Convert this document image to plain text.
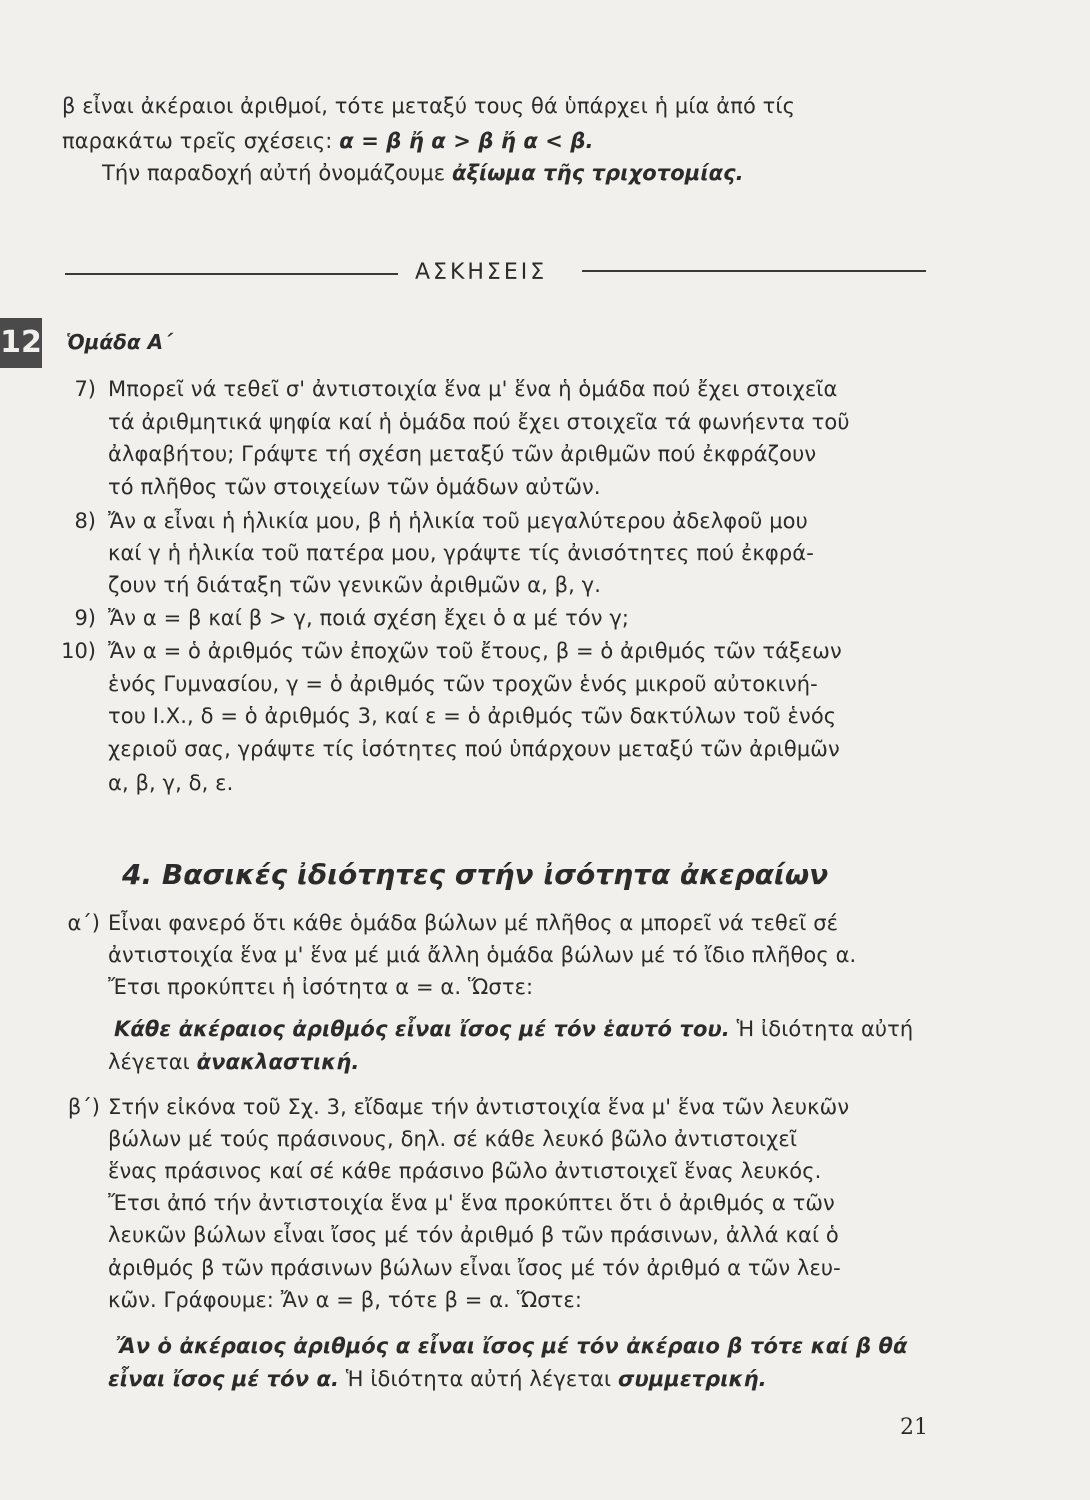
β εἶναι ἀκέραιοι ἀριθμοί, τότε μεταξύ τους θά ὑπάρχει ἡ μία ἀπό τίς
παρακάτω τρεῖς σχέσεις: α = β ἤ α > β ἤ α < β.
Τήν παραδοχή αὐτή ὀνομάζουμε ἀξίωμα τῆς τριχοτομίας.
ΑΣΚΗΣΕΙΣ
12 Ὁμάδα Α΄
7) Μπορεῖ νά τεθεῖ σ' ἀντιστοιχία ἕνα μ' ἕνα ἡ ὁμάδα πού ἔχει στοιχεῖα
τά ἀριθμητικά ψηφία καί ἡ ὁμάδα πού ἔχει στοιχεῖα τά φωνήεντα τοῦ
ἀλφαβήτου; Γράψτε τή σχέση μεταξύ τῶν ἀριθμῶν πού ἐκφράζουν
τό πλῆθος τῶν στοιχείων τῶν ὁμάδων αὐτῶν.
8) Ἄν α εἶναι ἡ ἡλικία μου, β ἡ ἡλικία τοῦ μεγαλύτερου ἀδελφοῦ μου
καί γ ἡ ἡλικία τοῦ πατέρα μου, γράψτε τίς ἀνισότητες πού ἐκφρά-
ζουν τή διάταξη τῶν γενικῶν ἀριθμῶν α, β, γ.
9) Ἄν α = β καί β > γ, ποιά σχέση ἔχει ὁ α μέ τόν γ;
10) Ἄν α = ὁ ἀριθμός τῶν ἐποχῶν τοῦ ἔτους, β = ὁ ἀριθμός τῶν τάξεων
ἑνός Γυμνασίου, γ = ὁ ἀριθμός τῶν τροχῶν ἑνός μικροῦ αὐτοκινή-
του Ι.Χ., δ = ὁ ἀριθμός 3, καί ε = ὁ ἀριθμός τῶν δακτύλων τοῦ ἑνός
χεριοῦ σας, γράψτε τίς ἰσότητες πού ὑπάρχουν μεταξύ τῶν ἀριθμῶν
α, β, γ, δ, ε.
4. Βασικές ἰδιότητες στήν ἰσότητα ἀκεραίων
α΄) Εἶναι φανερό ὅτι κάθε ὁμάδα βώλων μέ πλῆθος α μπορεῖ νά τεθεῖ σέ
ἀντιστοιχία ἕνα μ' ἕνα μέ μιά ἄλλη ὁμάδα βώλων μέ τό ἴδιο πλῆθος α.
Ἔτσι προκύπτει ἡ ἰσότητα α = α. Ὥστε:
Κάθε ἀκέραιος ἀριθμός εἶναι ἴσος μέ τόν ἑαυτό του. Ἡ ἰδιότητα αὐτή
λέγεται ἀνακλαστική.
β΄) Στήν εἰκόνα τοῦ Σχ. 3, εἴδαμε τήν ἀντιστοιχία ἕνα μ' ἕνα τῶν λευκῶν
βώλων μέ τούς πράσινους, δηλ. σέ κάθε λευκό βῶλο ἀντιστοιχεῖ
ἕνας πράσινος καί σέ κάθε πράσινο βῶλο ἀντιστοιχεῖ ἕνας λευκός.
Ἔτσι ἀπό τήν ἀντιστοιχία ἕνα μ' ἕνα προκύπτει ὅτι ὁ ἀριθμός α τῶν
λευκῶν βώλων εἶναι ἴσος μέ τόν ἀριθμό β τῶν πράσινων, ἀλλά καί ὁ
ἀριθμός β τῶν πράσινων βώλων εἶναι ἴσος μέ τόν ἀριθμό α τῶν λευ-
κῶν. Γράφουμε: Ἄν α = β, τότε β = α. Ὥστε:
Ἄν ὁ ἀκέραιος ἀριθμός α εἶναι ἴσος μέ τόν ἀκέραιο β τότε καί β θά
εἶναι ἴσος μέ τόν α. Ἡ ἰδιότητα αὐτή λέγεται συμμετρική.
21
